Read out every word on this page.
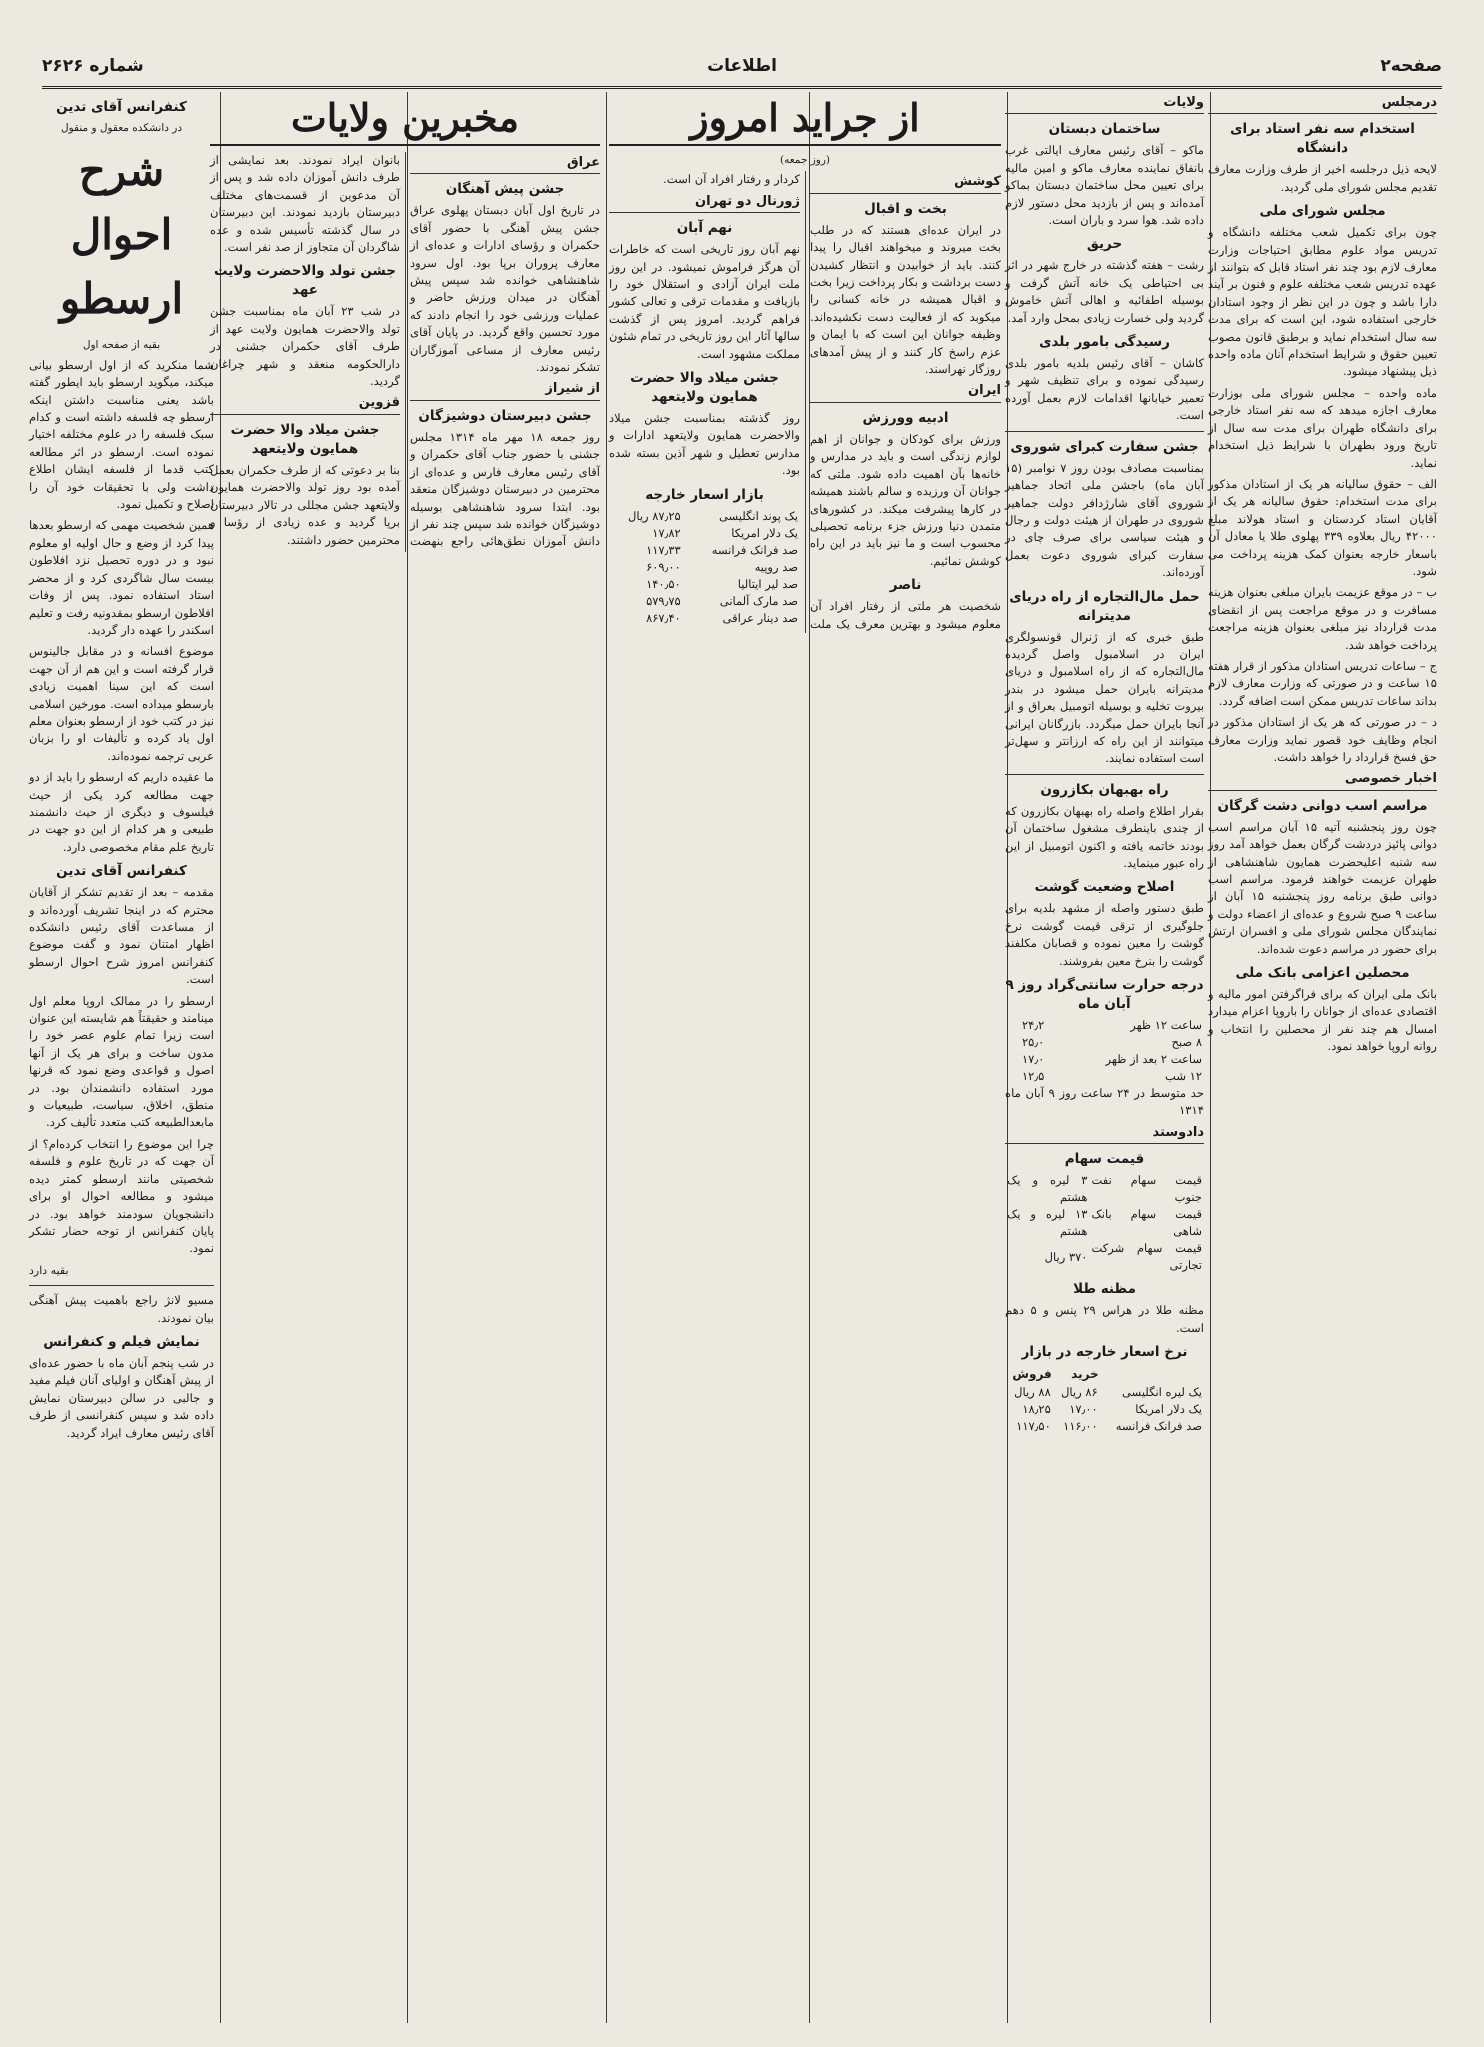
صفحه۲
اطلاعات
شماره ۲۶۲۶
درمجلس
استخدام سه نفر استاد برای دانشگاه

لایحه ذیل درجلسه اخیر از طرف وزارت معارف تقدیم مجلس شورای ملی گردید.

مجلس شورای ملی

چون برای تکمیل شعب مختلفه دانشگاه و تدریس مواد علوم مطابق احتیاجات وزارت معارف لازم بود چند نفر استاد قابل که بتوانند از عهده تدریس شعب مختلفه علوم و فنون بر آیند دارا باشد و چون در این نظر از وجود استادان خارجی استفاده شود، این است که برای مدت سه سال استخدام نماید و برطبق قانون مصوب تعیین حقوق و شرایط استخدام آنان ماده واحده ذیل پیشنهاد میشود.

ماده واحده – مجلس شورای ملی بوزارت معارف اجازه میدهد که سه نفر استاد خارجی برای دانشگاه طهران برای مدت سه سال از تاریخ ورود بطهران با شرایط ذیل استخدام نماید.

الف – حقوق سالیانه هر یک از استادان مذکور برای مدت استخدام: حقوق سالیانه هر یک از آقایان استاد کردستان و استاد هولاند مبلغ ۴۲۰۰۰ ریال بعلاوه ۳۳۹ پهلوی طلا یا معادل آن باسعار خارجه بعنوان کمک هزینه پرداخت می شود.

ب – در موقع عزیمت بایران مبلغی بعنوان هزینه مسافرت و در موقع مراجعت پس از انقضای مدت قرارداد نیز مبلغی بعنوان هزینه مراجعت پرداخت خواهد شد.

ج – ساعات تدریس استادان مذکور از قرار هفته ۱۵ ساعت و در صورتی که وزارت معارف لازم بداند ساعات تدریس ممکن است اضافه گردد.

د – در صورتی که هر یک از استادان مذکور در انجام وظایف خود قصور نماید وزارت معارف حق فسخ قرارداد را خواهد داشت.

اخبار خصوصی
مراسم اسب دوانی دشت گرگان

چون روز پنجشنبه آتیه ۱۵ آبان مراسم اسب دوانی پائیز دردشت گرگان بعمل خواهد آمد روز سه شنبه اعلیحضرت همایون شاهنشاهی از طهران عزیمت خواهند فرمود. مراسم اسب دوانی طبق برنامه روز پنجشنبه ۱۵ آبان از ساعت ۹ صبح شروع و عده‌ای از اعضاء دولت و نمایندگان مجلس شورای ملی و افسران ارتش برای حضور در مراسم دعوت شده‌اند.

محصلین اعزامی بانک ملی

بانک ملی ایران که برای فراگرفتن امور مالیه و اقتصادی عده‌ای از جوانان را باروپا اعزام میدارد امسال هم چند نفر از محصلین را انتخاب و روانه اروپا خواهد نمود.

ولایات
ساختمان دبستان

ماکو – آقای رئیس معارف ایالتی غرب بانفاق نماینده معارف ماکو و امین مالیه برای تعیین محل ساختمان دبستان بماکو آمده‌اند و پس از بازدید محل دستور لازم داده شد. هوا سرد و باران است.

حریق

رشت – هفته گذشته در خارج شهر در اثر بی احتیاطی یک خانه آتش گرفت و بوسیله اطفائیه و اهالی آتش خاموش گردید ولی خسارت زیادی بمحل وارد آمد.

رسیدگی بامور بلدی

کاشان – آقای رئیس بلدیه بامور بلدی رسیدگی نموده و برای تنظیف شهر و تعمیر خیابانها اقدامات لازم بعمل آورده است.

جشن سفارت کبرای شوروی

بمناسبت مصادف بودن روز ۷ نوامبر (۱۵ آبان ماه) باجشن ملی اتحاد جماهیر شوروی آقای شارژدافر دولت جماهیر شوروی در طهران از هیئت دولت و رجال و هیئت سیاسی برای صرف چای در سفارت کبرای شوروی دعوت بعمل آورده‌اند.

حمل مال‌التجاره از راه دریای مدیترانه

طبق خبری که از ژنرال قونسولگری ایران در اسلامبول واصل گردیده مال‌التجاره که از راه اسلامبول و دریای مدیترانه بایران حمل میشود در بندر بیروت تخلیه و بوسیله اتومبیل بعراق و از آنجا بایران حمل میگردد. بازرگانان ایرانی میتوانند از این راه که ارزانتر و سهل‌تر است استفاده نمایند.

راه بهبهان بکازرون

بقرار اطلاع واصله راه بهبهان بکازرون که از چندی باینطرف مشغول ساختمان آن بودند خاتمه یافته و اکنون اتومبیل از این راه عبور مینماید.

اصلاح وضعیت گوشت

طبق دستور واصله از مشهد بلدیه برای جلوگیری از ترقی قیمت گوشت نرخ گوشت را معین نموده و قصابان مکلفند گوشت را بنرخ معین بفروشند.

درجه حرارت سانتی‌گراد روز ۹ آبان ماه
ساعت ۱۲ ظهر	۲۴٫۲
۸ صبح	۲۵٫۰
ساعت ۲ بعد از ظهر	۱۷٫۰
۱۲ شب	۱۲٫۵

حد متوسط در ۲۴ ساعت روز ۹ آبان ماه ۱۳۱۴

دادوستد
قیمت سهام
قیمت سهام نفت جنوب	۳ لیره و یک هشتم
قیمت سهام بانک شاهی	۱۳ لیره و یک هشتم
قیمت سهام شرکت تجارتی	۳۷۰ ریال
مظنه طلا

مظنه طلا در هراس ۲۹ پنس و ۵ دهم است.

نرخ اسعار خارجه در بازار
	خرید	فروش
یک لیره انگلیسی	۸۶ ریال	۸۸ ریال
یک دلار امریکا	۱۷٫۰۰	۱۸٫۲۵
صد فرانک فرانسه	۱۱۶٫۰۰	۱۱۷٫۵۰
از جراید امروز
(روز جمعه)
کوشش
بخت و اقبال

در ایران عده‌ای هستند که در طلب بخت میروند و میخواهند اقبال را پیدا کنند. باید از خوابیدن و انتظار کشیدن دست برداشت و بکار پرداخت زیرا بخت و اقبال همیشه در خانه کسانی را میکوبد که از فعالیت دست نکشیده‌اند. وظیفه جوانان این است که با ایمان و عزم راسخ کار کنند و از پیش آمدهای روزگار نهراسند.

ایران
ادبیه وورزش

ورزش برای کودکان و جوانان از اهم لوازم زندگی است و باید در مدارس و خانه‌ها بآن اهمیت داده شود. ملتی که جوانان آن ورزیده و سالم باشند همیشه در کارها پیشرفت میکند. در کشورهای متمدن دنیا ورزش جزء برنامه تحصیلی محسوب است و ما نیز باید در این راه کوشش نمائیم.

ناصر

شخصیت هر ملتی از رفتار افراد آن معلوم میشود و بهترین معرف یک ملت کردار و رفتار افراد آن است.

ژورنال دو تهران
نهم آبان

نهم آبان روز تاریخی است که خاطرات آن هرگز فراموش نمیشود. در این روز ملت ایران آزادی و استقلال خود را بازیافت و مقدمات ترقی و تعالی کشور فراهم گردید. امروز پس از گذشت سالها آثار این روز تاریخی در تمام شئون مملکت مشهود است.

جشن میلاد والا حضرت همایون ولایتعهد

روز گذشته بمناسبت جشن میلاد والاحضرت همایون ولایتعهد ادارات و مدارس تعطیل و شهر آذین بسته شده بود.

بازار اسعار خارجه
یک پوند انگلیسی	۸۷٫۲۵ ریال
یک دلار امریکا	۱۷٫۸۲
صد فرانک فرانسه	۱۱۷٫۳۳
صد روپیه	۶۰۹٫۰۰
صد لیر ایتالیا	۱۴۰٫۵۰
صد مارک آلمانی	۵۷۹٫۷۵
صد دینار عراقی	۸۶۷٫۴۰
مخبرین ولایات
عراق
جشن پیش آهنگان

در تاریخ اول آبان دبستان پهلوی عراق جشن پیش آهنگی با حضور آقای حکمران و رؤسای ادارات و عده‌ای از معارف پروران برپا بود. اول سرود شاهنشاهی خوانده شد سپس پیش آهنگان در میدان ورزش حاضر و عملیات ورزشی خود را انجام دادند که مورد تحسین واقع گردید. در پایان آقای رئیس معارف از مساعی آموزگاران تشکر نمودند.

از شیراز
جشن دبیرستان دوشیزگان

روز جمعه ۱۸ مهر ماه ۱۳۱۴ مجلس جشنی با حضور جناب آقای حکمران و آقای رئیس معارف فارس و عده‌ای از محترمین در دبیرستان دوشیزگان منعقد بود. ابتدا سرود شاهنشاهی بوسیله دوشیزگان خوانده شد سپس چند نفر از دانش آموزان نطق‌هائی راجع بنهضت بانوان ایراد نمودند. بعد نمایشی از طرف دانش آموزان داده شد و پس از آن مدعوین از قسمت‌های مختلف دبیرستان بازدید نمودند. این دبیرستان در سال گذشته تأسیس شده و عده شاگردان آن متجاوز از صد نفر است.

جشن تولد والاحضرت ولایت عهد

در شب ۲۳ آبان ماه بمناسبت جشن تولد والاحضرت همایون ولایت عهد از طرف آقای حکمران جشنی در دارالحکومه منعقد و شهر چراغان گردید.

قزوین
جشن میلاد والا حضرت همایون ولایتعهد

بنا بر دعوتی که از طرف حکمران بعمل آمده بود روز تولد والاحضرت همایون ولایتعهد جشن مجللی در تالار دبیرستان برپا گردید و عده زیادی از رؤسا و محترمین حضور داشتند.

کنفرانس آقای تدین
در دانشکده معقول و منقول
شرح احوال ارسطو
بقیه از صفحه اول

شما منکرید که از اول ارسطو بیانی میکند، میگوید ارسطو باید ایطور گفته باشد یعنی مناسبت داشتن اینکه ارسطو چه فلسفه داشته است و کدام سبک فلسفه را در علوم مختلفه اختیار نموده است. ارسطو در اثر مطالعه کتب قدما از فلسفه ایشان اطلاع داشت ولی با تحقیقات خود آن را اصلاح و تکمیل نمود.

همین شخصیت مهمی که ارسطو بعدها پیدا کرد از وضع و حال اولیه او معلوم نبود و در دوره تحصیل نزد افلاطون بیست سال شاگردی کرد و از محضر استاد استفاده نمود. پس از وفات افلاطون ارسطو بمقدونیه رفت و تعلیم اسکندر را عهده دار گردید.

موضوع افسانه و در مقابل جالینوس قرار گرفته است و این هم از آن جهت است که این سینا اهمیت زیادی بارسطو میداده است. مورخین اسلامی نیز در کتب خود از ارسطو بعنوان معلم اول یاد کرده و تألیفات او را بزبان عربی ترجمه نموده‌اند.

ما عقیده داریم که ارسطو را باید از دو جهت مطالعه کرد یکی از حیث فیلسوف و دیگری از حیث دانشمند طبیعی و هر کدام از این دو جهت در تاریخ علم مقام مخصوصی دارد.

کنفرانس آقای تدین

مقدمه – بعد از تقدیم تشکر از آقایان محترم که در اینجا تشریف آورده‌اند و از مساعدت آقای رئیس دانشکده اظهار امتنان نمود و گفت موضوع کنفرانس امروز شرح احوال ارسطو است.

ارسطو را در ممالک اروپا معلم اول مینامند و حقیقتاً هم شایسته این عنوان است زیرا تمام علوم عصر خود را مدون ساخت و برای هر یک از آنها اصول و قواعدی وضع نمود که قرنها مورد استفاده دانشمندان بود. در منطق، اخلاق، سیاست، طبیعیات و مابعدالطبیعه کتب متعدد تألیف کرد.

چرا این موضوع را انتخاب کرده‌ام؟ از آن جهت که در تاریخ علوم و فلسفه شخصیتی مانند ارسطو کمتر دیده میشود و مطالعه احوال او برای دانشجویان سودمند خواهد بود. در پایان کنفرانس از توجه حضار تشکر نمود.

بقیه دارد

مسیو لانژ راجع باهمیت پیش آهنگی بیان نمودند.

نمایش فیلم و کنفرانس

در شب پنجم آبان ماه با حضور عده‌ای از پیش آهنگان و اولیای آنان فیلم مفید و جالبی در سالن دبیرستان نمایش داده شد و سپس کنفرانسی از طرف آقای رئیس معارف ایراد گردید.
